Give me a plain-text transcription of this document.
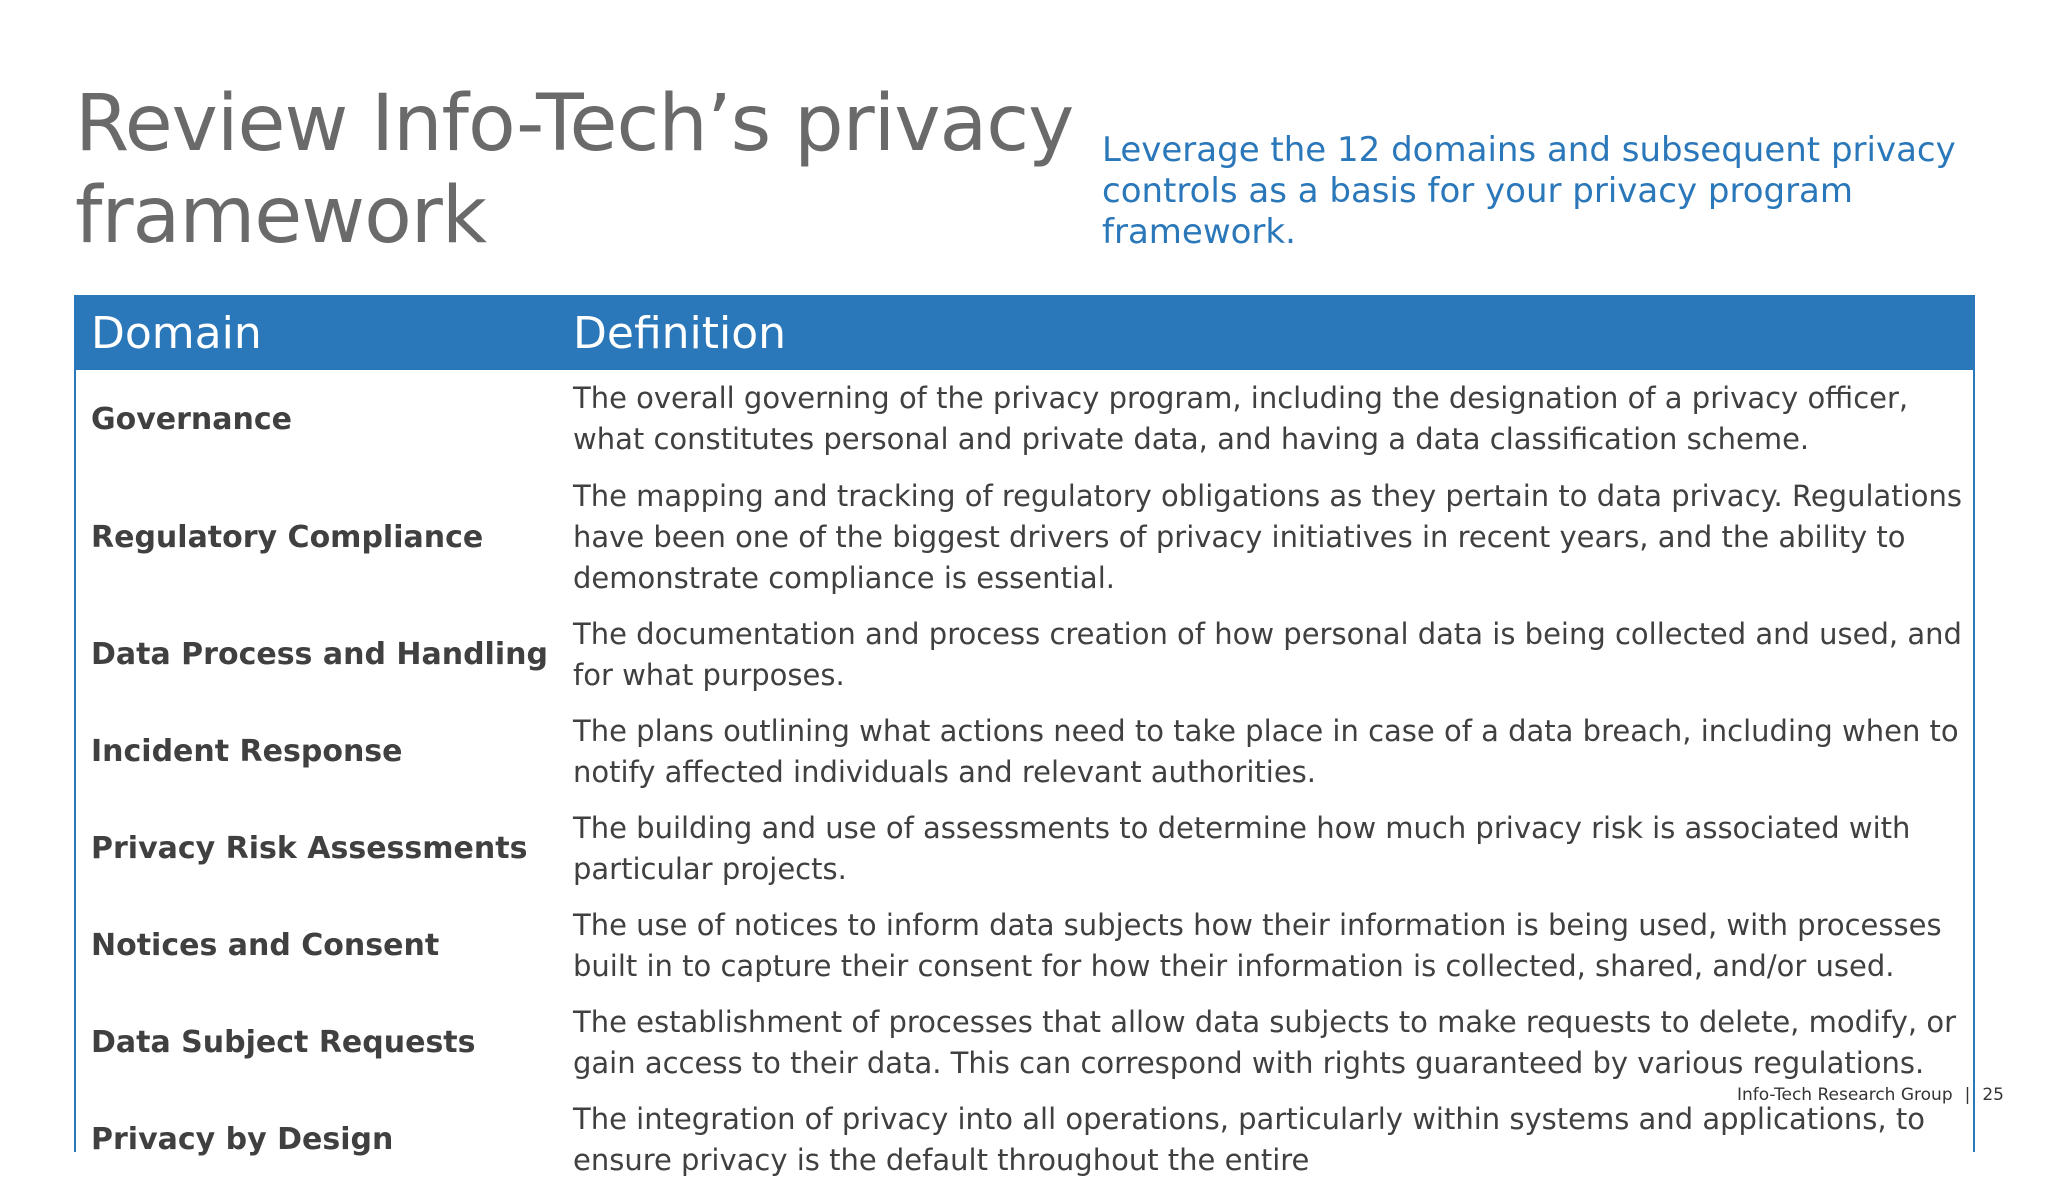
Review Info-Tech’s privacy
framework

Leverage the 12 domains and subsequent privacy controls as a basis for your privacy program framework.

Domain	Definition
Governance
The overall governing of the privacy program, including the designation of a privacy officer, what constitutes personal and private data, and having a data classification scheme.
Regulatory Compliance
The mapping and tracking of regulatory obligations as they pertain to data privacy. Regulations have been one of the biggest drivers of privacy initiatives in recent years, and the ability to demonstrate compliance is essential.
Data Process and Handling
The documentation and process creation of how personal data is being collected and used, and for what purposes.
Incident Response
The plans outlining what actions need to take place in case of a data breach, including when to notify affected individuals and relevant authorities.
Privacy Risk Assessments
The building and use of assessments to determine how much privacy risk is associated with particular projects.
Notices and Consent
The use of notices to inform data subjects how their information is being used, with processes built in to capture their consent for how their information is collected, shared, and/or used.
Data Subject Requests
The establishment of processes that allow data subjects to make requests to delete, modify, or gain access to their data. This can correspond with rights guaranteed by various regulations.
Privacy by Design
The integration of privacy into all operations, particularly within systems and applications, to ensure privacy is the default throughout the entire
Info-Tech Research Group | 25
